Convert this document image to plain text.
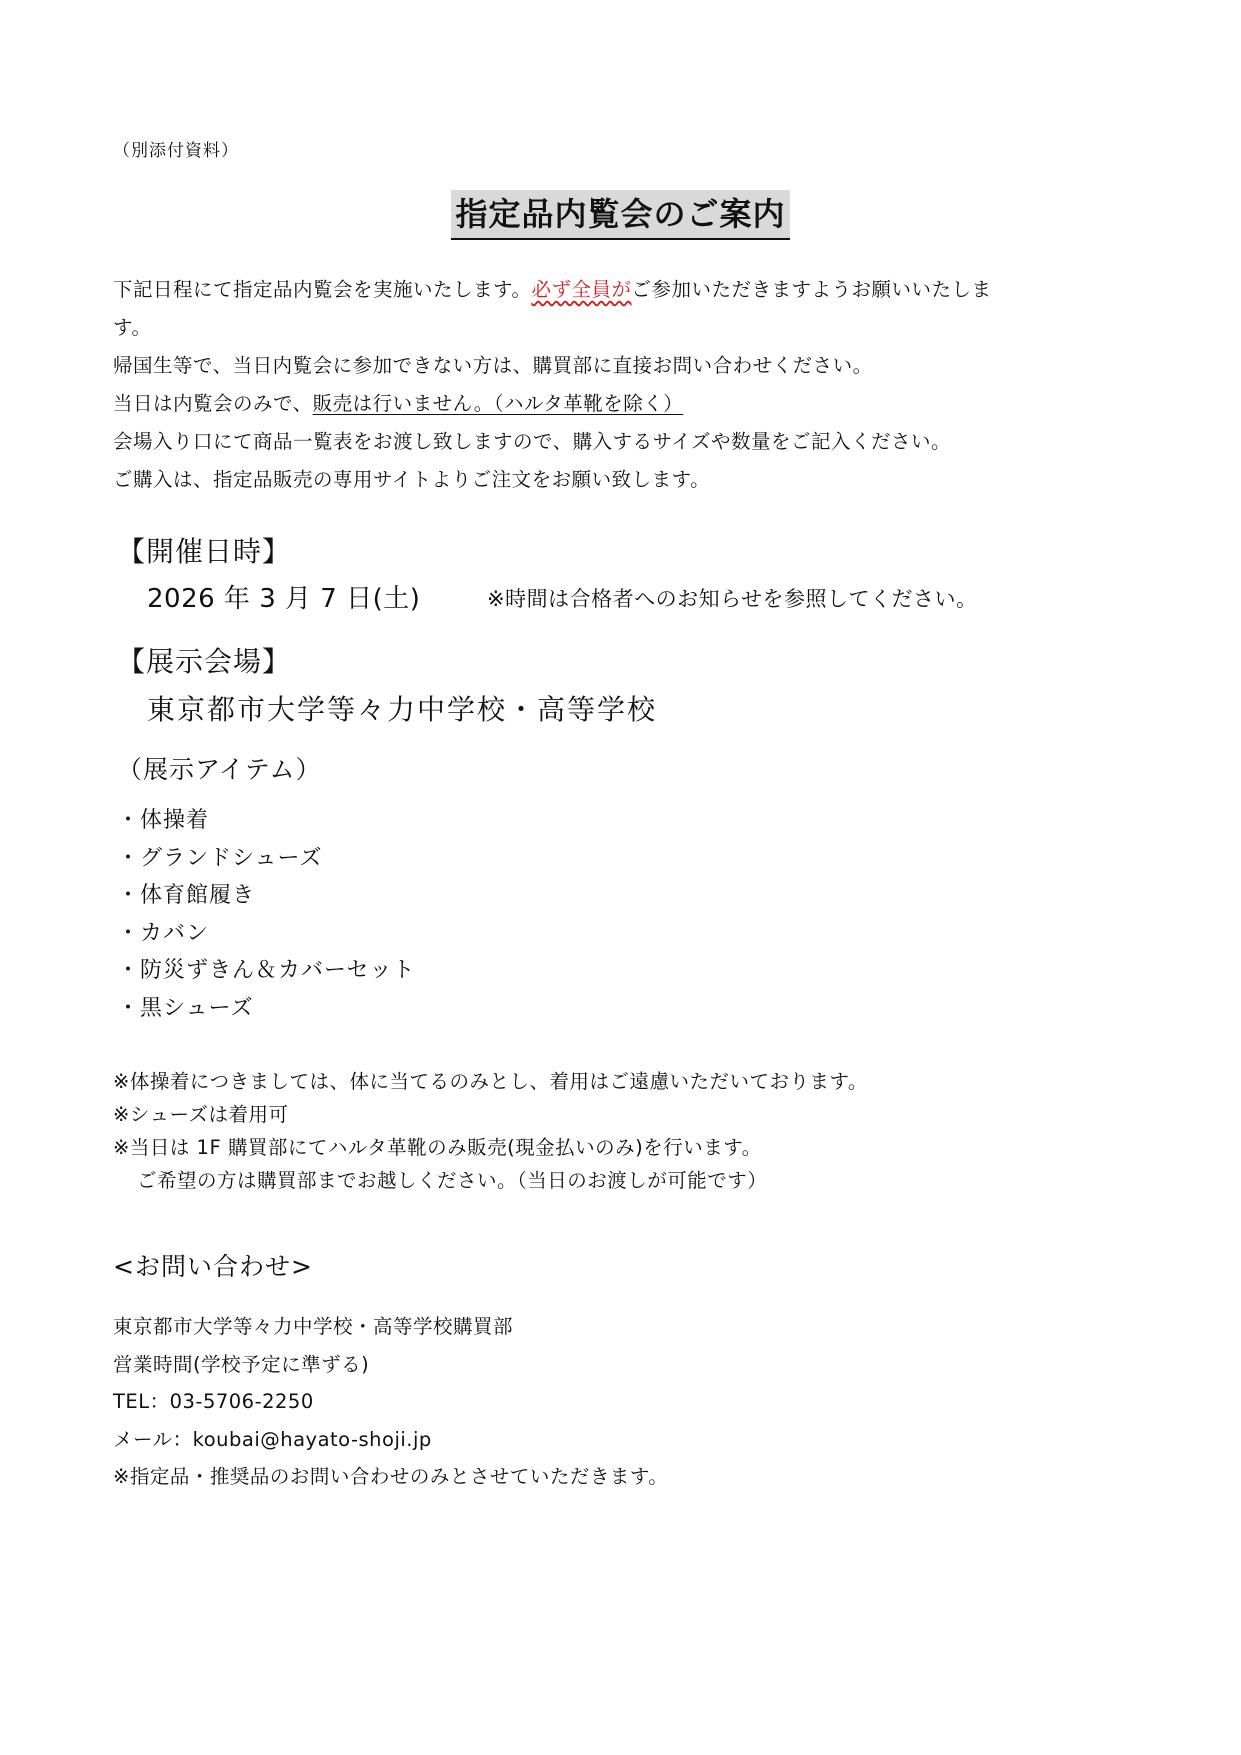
（別添付資料）
指定品内覧会のご案内

下記日程にて指定品内覧会を実施いたします。必ず全員がご参加いただきますようお願いいたしま

す。

帰国生等で、当日内覧会に参加できない方は、購買部に直接お問い合わせください。

当日は内覧会のみで、販売は行いません。（ハルタ革靴を除く）

会場入り口にて商品一覧表をお渡し致しますので、購入するサイズや数量をご記入ください。

ご購入は、指定品販売の専用サイトよりご注文をお願い致します。

【開催日時】
2026 年 3 月 7 日(土)	※時間は合格者へのお知らせを参照してください。
【展示会場】
東京都市大学等々力中学校・高等学校
（展示アイテム）
・体操着
・グランドシューズ
・体育館履き
・カバン
・防災ずきん＆カバーセット
・黒シューズ

※体操着につきましては、体に当てるのみとし、着用はご遠慮いただいております。

※シューズは着用可

※当日は 1F 購買部にてハルタ革靴のみ販売(現金払いのみ)を行います。

ご希望の方は購買部までお越しください。（当日のお渡しが可能です）

<お問い合わせ>

東京都市大学等々力中学校・高等学校購買部

営業時間(学校予定に準ずる)

TEL：03-5706-2250

メール：koubai@hayato-shoji.jp

※指定品・推奨品のお問い合わせのみとさせていただきます。
